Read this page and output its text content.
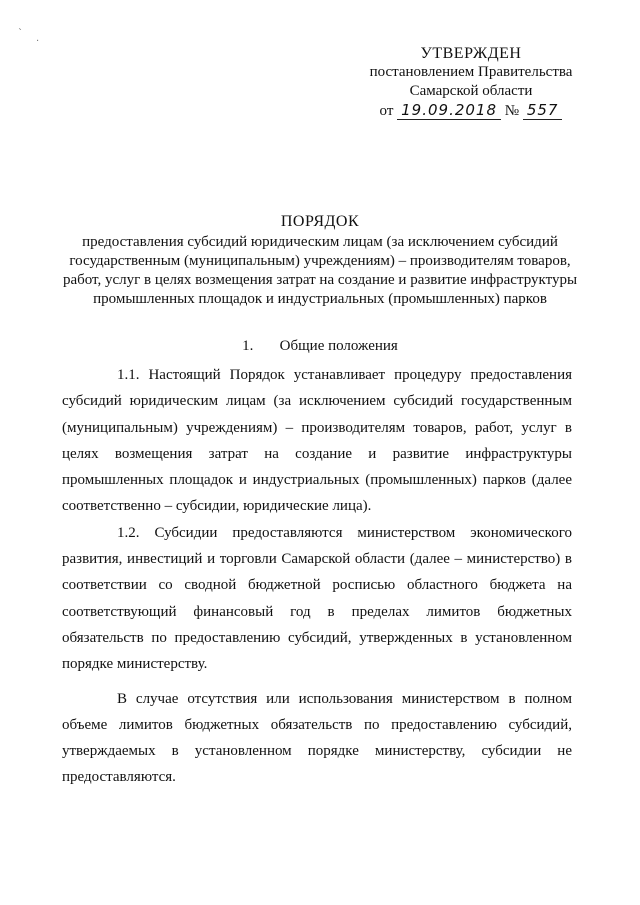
`
·
УТВЕРЖДЕН
постановлением Правительства
Самарской области
от 19.09.2018 № 557
ПОРЯДОК
предоставления субсидий юридическим лицам (за исключением субсидий государственным (муниципальным) учреждениям) – производителям товаров, работ, услуг в целях возмещения затрат на создание и развитие инфраструктуры промышленных площадок и индустриальных (промышленных) парков
1. Общие положения

1.1. Настоящий Порядок устанавливает процедуру предоставления субсидий юридическим лицам (за исключением субсидий государственным (муниципальным) учреждениям) – производителям товаров, работ, услуг в целях возмещения затрат на создание и развитие инфраструктуры промышленных площадок и индустриальных (промышленных) парков (далее соответственно – субсидии, юридические лица).

1.2. Субсидии предоставляются министерством экономического развития, инвестиций и торговли Самарской области (далее – министерство) в соответствии со сводной бюджетной росписью областного бюджета на соответствующий финансовый год в пределах лимитов бюджетных обязательств по предоставлению субсидий, утвержденных в установленном порядке министерству.

В случае отсутствия или использования министерством в полном объеме лимитов бюджетных обязательств по предоставлению субсидий, утверждаемых в установленном порядке министерству, субсидии не предоставляются.
